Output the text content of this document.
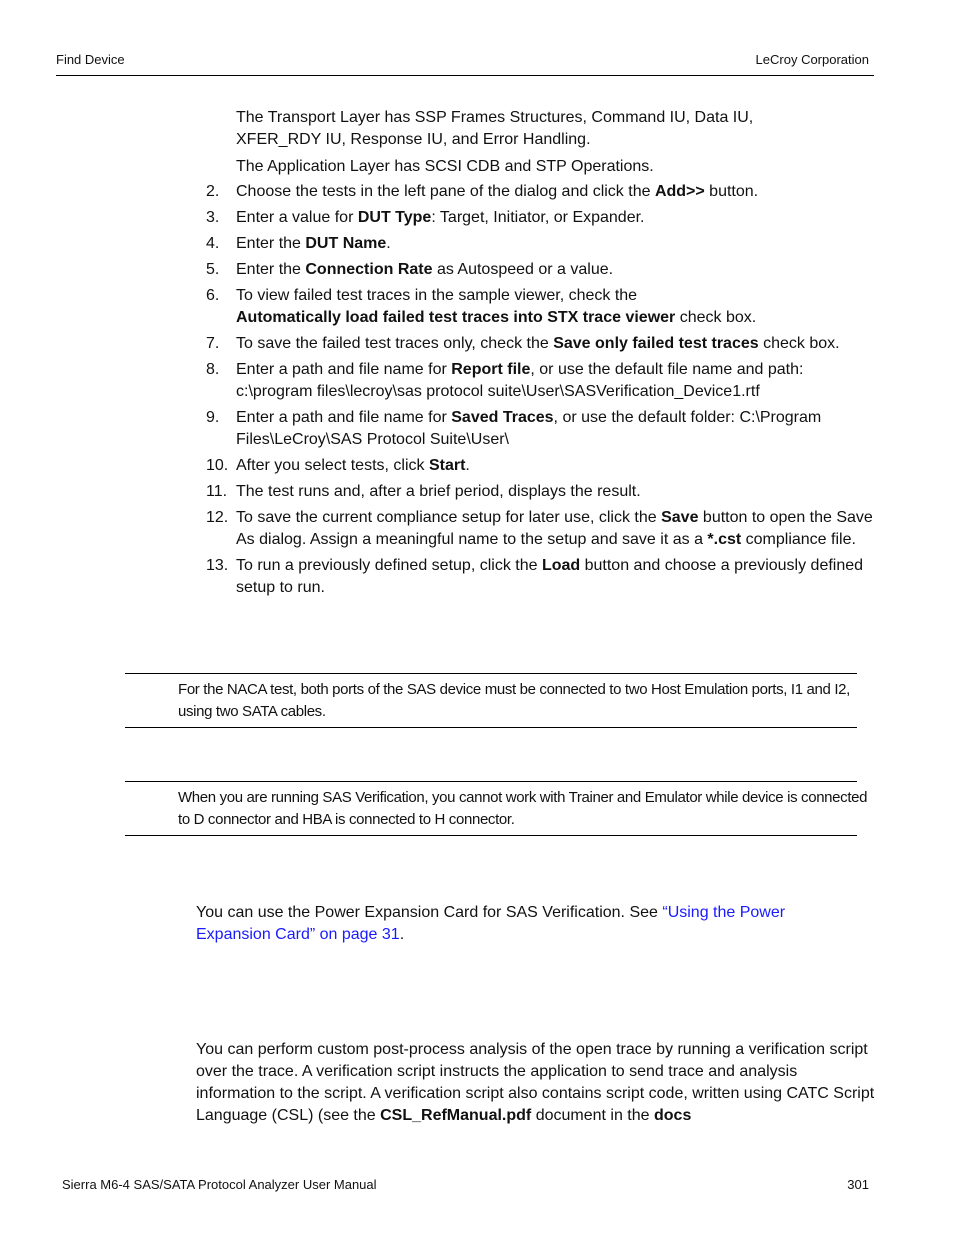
Find Device	LeCroy Corporation

The Transport Layer has SSP Frames Structures, Command IU, Data IU, XFER_RDY IU, Response IU, and Error Handling.

The Application Layer has SCSI CDB and STP Operations.

2.	Choose the tests in the left pane of the dialog and click the Add>> button.
3.	Enter a value for DUT Type: Target, Initiator, or Expander.
4.	Enter the DUT Name.
5.	Enter the Connection Rate as Autospeed or a value.
6.	To view failed test traces in the sample viewer, check the
Automatically load failed test traces into STX trace viewer check box.
7.	To save the failed test traces only, check the Save only failed test traces check box.
8.	Enter a path and file name for Report file, or use the default file name and path: c:\program files\lecroy\sas protocol suite\User\SASVerification_Device1.rtf
9.	Enter a path and file name for Saved Traces, or use the default folder: C:\Program Files\LeCroy\SAS Protocol Suite\User\
10. After you select tests, click Start.
11. The test runs and, after a brief period, displays the result.
12. To save the current compliance setup for later use, click the Save button to open the Save As dialog. Assign a meaningful name to the setup and save it as a *.cst compliance file.
13. To run a previously defined setup, click the Load button and choose a previously defined setup to run.

For the NACA test, both ports of the SAS device must be connected to two Host Emulation ports, I1 and I2, using two SATA cables.

When you are running SAS Verification, you cannot work with Trainer and Emulator while device is connected to D connector and HBA is connected to H connector.

You can use the Power Expansion Card for SAS Verification. See “Using the Power Expansion Card” on page 31.

You can perform custom post-process analysis of the open trace by running a verification script over the trace. A verification script instructs the application to send trace and analysis information to the script. A verification script also contains script code, written using CATC Script Language (CSL) (see the CSL_RefManual.pdf document in the docs

Sierra M6-4 SAS/SATA Protocol Analyzer User Manual	301
